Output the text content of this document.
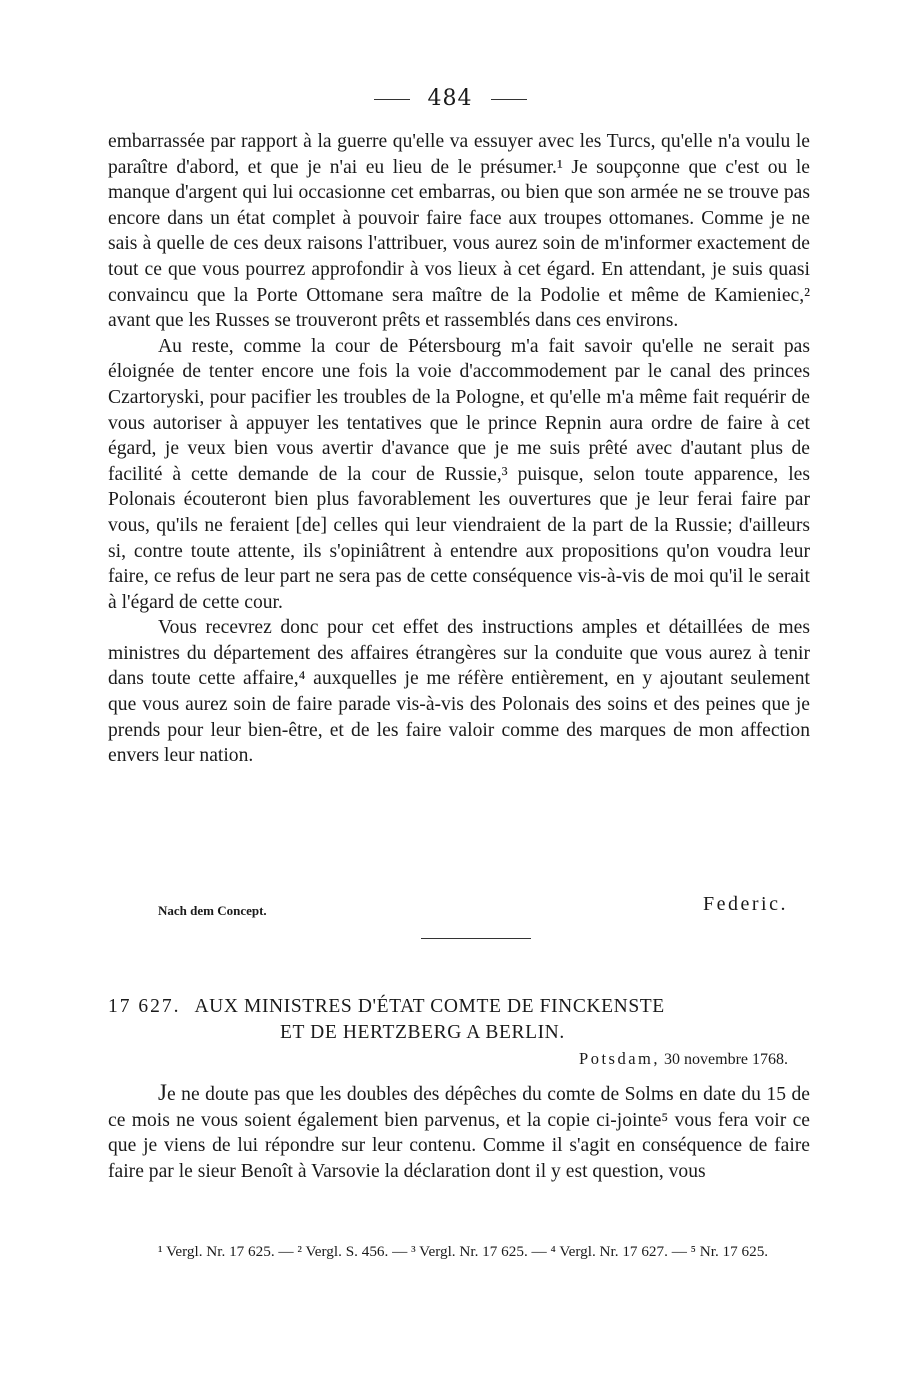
484

embarrassée par rapport à la guerre qu'elle va essuyer avec les Turcs, qu'elle n'a voulu le paraître d'abord, et que je n'ai eu lieu de le présumer.¹ Je soupçonne que c'est ou le manque d'argent qui lui occasionne cet embarras, ou bien que son armée ne se trouve pas encore dans un état complet à pouvoir faire face aux troupes ottomanes. Comme je ne sais à quelle de ces deux raisons l'attribuer, vous aurez soin de m'informer exactement de tout ce que vous pourrez approfondir à vos lieux à cet égard. En attendant, je suis quasi convaincu que la Porte Ottomane sera maître de la Podolie et même de Kamieniec,² avant que les Russes se trouveront prêts et rassemblés dans ces environs.

Au reste, comme la cour de Pétersbourg m'a fait savoir qu'elle ne serait pas éloignée de tenter encore une fois la voie d'accommodement par le canal des princes Czartoryski, pour pacifier les troubles de la Pologne, et qu'elle m'a même fait requérir de vous autoriser à appuyer les tentatives que le prince Repnin aura ordre de faire à cet égard, je veux bien vous avertir d'avance que je me suis prêté avec d'autant plus de facilité à cette demande de la cour de Russie,³ puisque, selon toute apparence, les Polonais écouteront bien plus favorablement les ouvertures que je leur ferai faire par vous, qu'ils ne feraient [de] celles qui leur viendraient de la part de la Russie; d'ailleurs si, contre toute attente, ils s'opiniâtrent à entendre aux propositions qu'on voudra leur faire, ce refus de leur part ne sera pas de cette conséquence vis-à-vis de moi qu'il le serait à l'égard de cette cour.

Vous recevrez donc pour cet effet des instructions amples et détaillées de mes ministres du département des affaires étrangères sur la conduite que vous aurez à tenir dans toute cette affaire,⁴ auxquelles je me réfère entièrement, en y ajoutant seulement que vous aurez soin de faire parade vis-à-vis des Polonais des soins et des peines que je prends pour leur bien-être, et de les faire valoir comme des marques de mon affection envers leur nation.

Nach dem Concept.	Federic.
17 627. AUX MINISTRES D'ÉTAT COMTE DE FINCKENSTE
ET DE HERTZBERG A BERLIN.
Potsdam, 30 novembre 1768.

Je ne doute pas que les doubles des dépêches du comte de Solms en date du 15 de ce mois ne vous soient également bien parvenus, et la copie ci-jointe⁵ vous fera voir ce que je viens de lui répondre sur leur contenu. Comme il s'agit en conséquence de faire faire par le sieur Benoît à Varsovie la déclaration dont il y est question, vous

¹ Vergl. Nr. 17 625. — ² Vergl. S. 456. — ³ Vergl. Nr. 17 625. — ⁴ Vergl. Nr. 17 627. — ⁵ Nr. 17 625.
